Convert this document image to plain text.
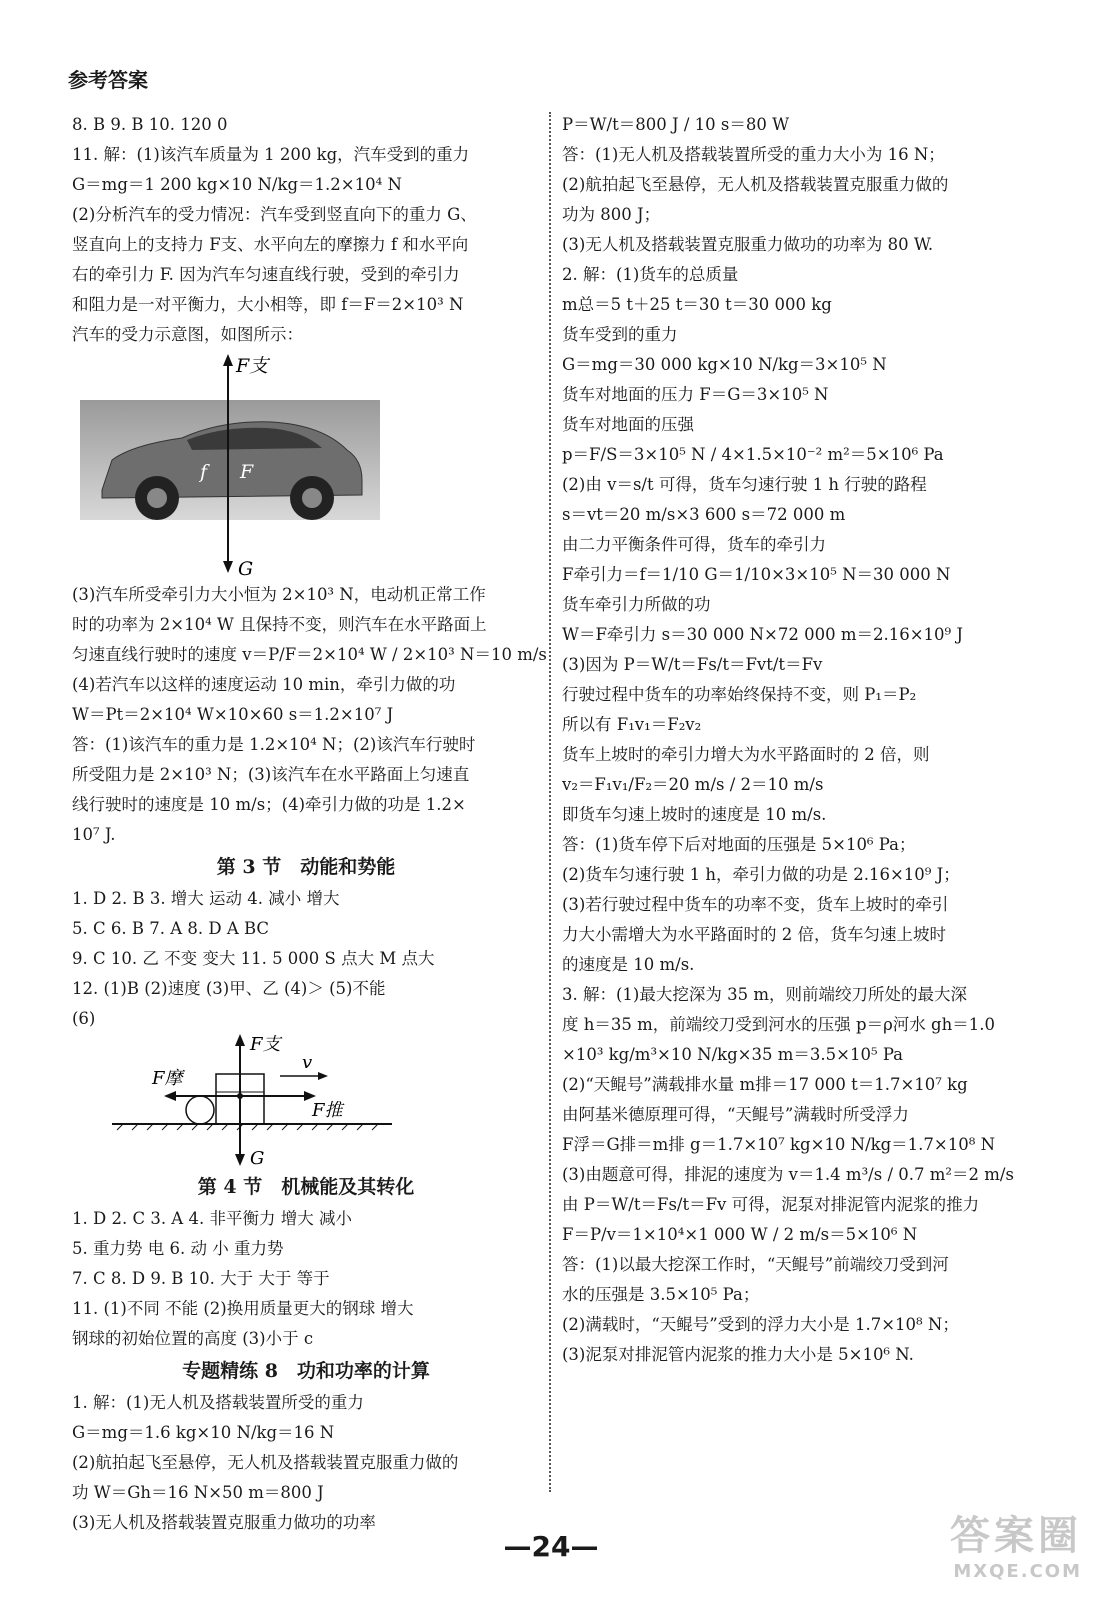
参考答案
8. B 9. B 10. 120 0
11. 解：(1)该汽车质量为 1 200 kg，汽车受到的重力
G＝mg＝1 200 kg×10 N/kg＝1.2×10⁴ N
(2)分析汽车的受力情况：汽车受到竖直向下的重力 G、
竖直向上的支持力 F支、水平向左的摩擦力 f 和水平向
右的牵引力 F. 因为汽车匀速直线行驶，受到的牵引力
和阻力是一对平衡力，大小相等，即 f＝F＝2×10³ N
汽车的受力示意图，如图所示：
F支
G
f F
(3)汽车所受牵引力大小恒为 2×10³ N，电动机正常工作
时的功率为 2×10⁴ W 且保持不变，则汽车在水平路面上
匀速直线行驶时的速度 v＝P/F＝2×10⁴ W / 2×10³ N＝10 m/s
(4)若汽车以这样的速度运动 10 min，牵引力做的功
W＝Pt＝2×10⁴ W×10×60 s＝1.2×10⁷ J
答：(1)该汽车的重力是 1.2×10⁴ N；(2)该汽车行驶时
所受阻力是 2×10³ N；(3)该汽车在水平路面上匀速直
线行驶时的速度是 10 m/s；(4)牵引力做的功是 1.2×
10⁷ J.
第 3 节　动能和势能
1. D 2. B 3. 增大 运动 4. 减小 增大
5. C 6. B 7. A 8. D A BC
9. C 10. 乙 不变 变大 11. 5 000 S 点大 M 点大
12. (1)B (2)速度 (3)甲、乙 (4)＞ (5)不能
(6)
F支
F摩
F推
v
G
第 4 节　机械能及其转化
1. D 2. C 3. A 4. 非平衡力 增大 减小
5. 重力势 电 6. 动 小 重力势
7. C 8. D 9. B 10. 大于 大于 等于
11. (1)不同 不能 (2)换用质量更大的钢球 增大
钢球的初始位置的高度 (3)小于 c
专题精练 8　功和功率的计算
1. 解：(1)无人机及搭载装置所受的重力
G＝mg＝1.6 kg×10 N/kg＝16 N
(2)航拍起飞至悬停，无人机及搭载装置克服重力做的
功 W＝Gh＝16 N×50 m＝800 J
(3)无人机及搭载装置克服重力做功的功率
P＝W/t＝800 J / 10 s＝80 W
答：(1)无人机及搭载装置所受的重力大小为 16 N；
(2)航拍起飞至悬停，无人机及搭载装置克服重力做的
功为 800 J；
(3)无人机及搭载装置克服重力做功的功率为 80 W.
2. 解：(1)货车的总质量
m总＝5 t＋25 t＝30 t＝30 000 kg
货车受到的重力
G＝mg＝30 000 kg×10 N/kg＝3×10⁵ N
货车对地面的压力 F＝G＝3×10⁵ N
货车对地面的压强
p＝F/S＝3×10⁵ N / 4×1.5×10⁻² m²＝5×10⁶ Pa
(2)由 v＝s/t 可得，货车匀速行驶 1 h 行驶的路程
s＝vt＝20 m/s×3 600 s＝72 000 m
由二力平衡条件可得，货车的牵引力
F牵引力＝f＝1/10 G＝1/10×3×10⁵ N＝30 000 N
货车牵引力所做的功
W＝F牵引力 s＝30 000 N×72 000 m＝2.16×10⁹ J
(3)因为 P＝W/t＝Fs/t＝Fvt/t＝Fv
行驶过程中货车的功率始终保持不变，则 P₁＝P₂
所以有 F₁v₁＝F₂v₂
货车上坡时的牵引力增大为水平路面时的 2 倍，则
v₂＝F₁v₁/F₂＝20 m/s / 2＝10 m/s
即货车匀速上坡时的速度是 10 m/s.
答：(1)货车停下后对地面的压强是 5×10⁶ Pa；
(2)货车匀速行驶 1 h，牵引力做的功是 2.16×10⁹ J；
(3)若行驶过程中货车的功率不变，货车上坡时的牵引
力大小需增大为水平路面时的 2 倍，货车匀速上坡时
的速度是 10 m/s.
3. 解：(1)最大挖深为 35 m，则前端绞刀所处的最大深
度 h＝35 m，前端绞刀受到河水的压强 p＝ρ河水 gh＝1.0
×10³ kg/m³×10 N/kg×35 m＝3.5×10⁵ Pa
(2)“天鲲号”满载排水量 m排＝17 000 t＝1.7×10⁷ kg
由阿基米德原理可得，“天鲲号”满载时所受浮力
F浮＝G排＝m排 g＝1.7×10⁷ kg×10 N/kg＝1.7×10⁸ N
(3)由题意可得，排泥的速度为 v＝1.4 m³/s / 0.7 m²＝2 m/s
由 P＝W/t＝Fs/t＝Fv 可得，泥泵对排泥管内泥浆的推力
F＝P/v＝1×10⁴×1 000 W / 2 m/s＝5×10⁶ N
答：(1)以最大挖深工作时，“天鲲号”前端绞刀受到河
水的压强是 3.5×10⁵ Pa；
(2)满载时，“天鲲号”受到的浮力大小是 1.7×10⁸ N；
(3)泥泵对排泥管内泥浆的推力大小是 5×10⁶ N.
—24—	答案圈
MXQE.COM
